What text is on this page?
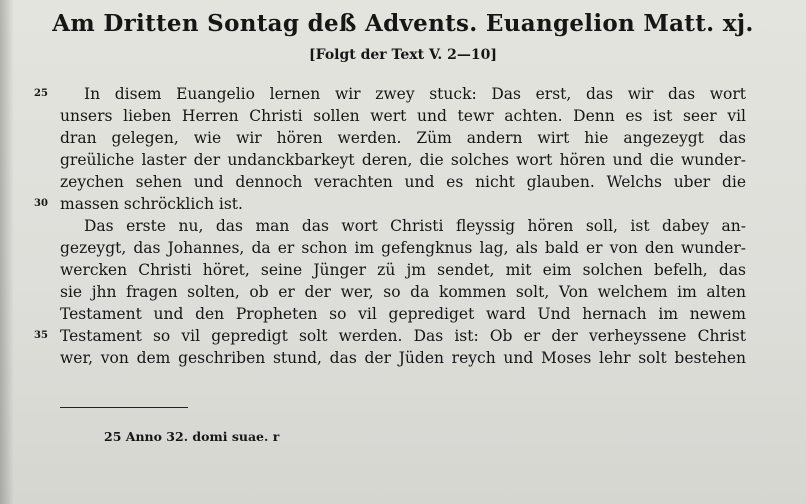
Am Dritten Sontag deß Advents. Euangelion Matt. xj.
[Folgt der Text V. 2—10]
25
30
35
In disem Euangelio lernen wir zwey stuck: Das erst, das wir das wort
unsers lieben Herren Christi sollen wert und tewr achten. Denn es ist seer vil
dran gelegen, wie wir hören werden. Züm andern wirt hie angezeygt das
greüliche laster der undanckbarkeyt deren, die solches wort hören und die wunder-
zeychen sehen und dennoch verachten und es nicht glauben. Welchs uber die
massen schröcklich ist.
Das erste nu, das man das wort Christi fleyssig hören soll, ist dabey an-
gezeygt, das Johannes, da er schon im gefengknus lag, als bald er von den wunder-
wercken Christi höret, seine Jünger zü jm sendet, mit eim solchen befelh, das
sie jhn fragen solten, ob er der wer, so da kommen solt, Von welchem im alten
Testament und den Propheten so vil geprediget ward Und hernach im newem
Testament so vil gepredigt solt werden. Das ist: Ob er der verheyssene Christ
wer, von dem geschriben stund, das der Jüden reych und Moses lehr solt bestehen
25 Anno 32. domi suae. r
